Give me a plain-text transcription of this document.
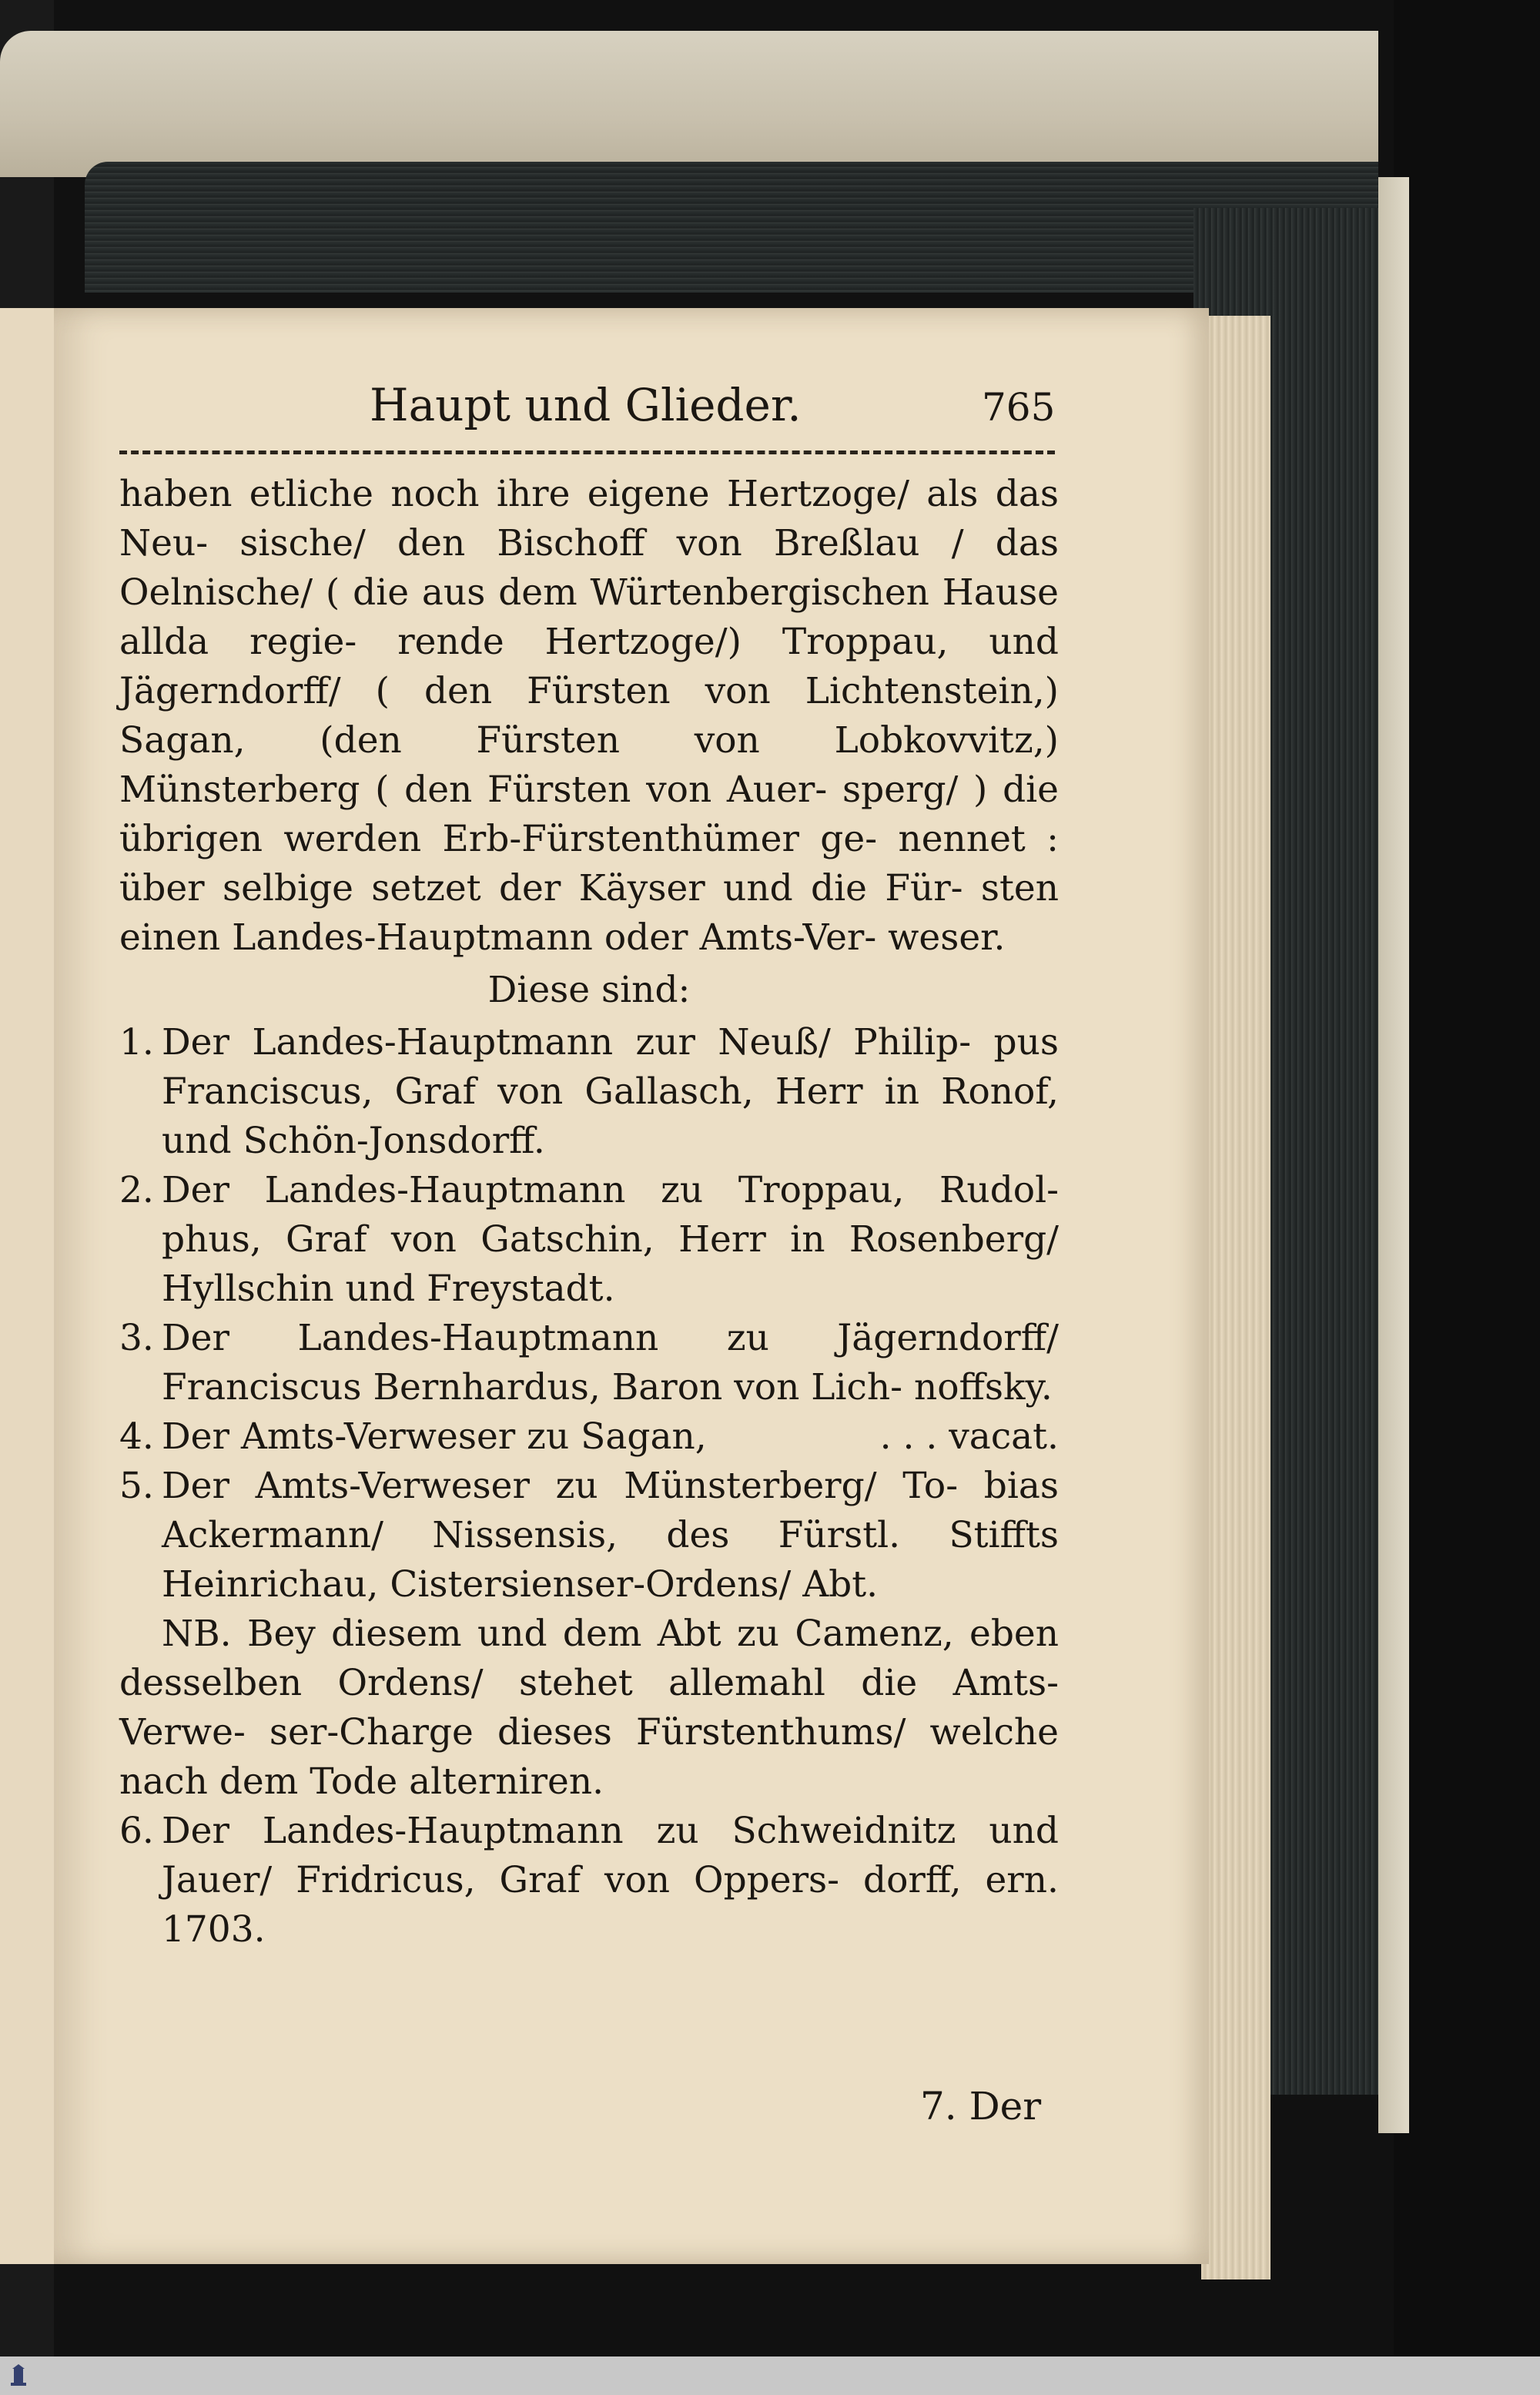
Haupt und Glieder.	765

haben etliche noch ihre eigene Hertzoge/ als das Neu- sische/ den Bischoff von Breßlau / das Oelnische/ ( die aus dem Würtenbergischen Hause allda regie- rende Hertzoge/) Troppau, und Jägerndorff/ ( den Fürsten von Lichtenstein,) Sagan, (den Fürsten von Lobkovvitz,) Münsterberg ( den Fürsten von Auer- sperg/ ) die übrigen werden Erb-Fürstenthümer ge- nennet : über selbige setzet der Käyser und die Für- sten einen Landes-Hauptmann oder Amts-Ver- weser.

Diese sind:
1. Der Landes-Hauptmann zur Neuß/ Philip- pus Franciscus, Graf von Gallasch, Herr in Ronof, und Schön-Jonsdorff.
2. Der Landes-Hauptmann zu Troppau, Rudol- phus, Graf von Gatschin, Herr in Rosenberg/ Hyllschin und Freystadt.
3. Der Landes-Hauptmann zu Jägerndorff/ Franciscus Bernhardus, Baron von Lich- noffsky.
4. Der Amts-Verweser zu Sagan,	. . . vacat.
5. Der Amts-Verweser zu Münsterberg/ To- bias Ackermann/ Nissensis, des Fürstl. Stiffts Heinrichau, Cistersienser-Ordens/ Abt.

NB. Bey diesem und dem Abt zu Camenz, eben desselben Ordens/ stehet allemahl die Amts-Verwe- ser-Charge dieses Fürstenthums/ welche nach dem Tode alterniren.

6. Der Landes-Hauptmann zu Schweidnitz und Jauer/ Fridricus, Graf von Oppers- dorff, ern. 1703.
7. Der
